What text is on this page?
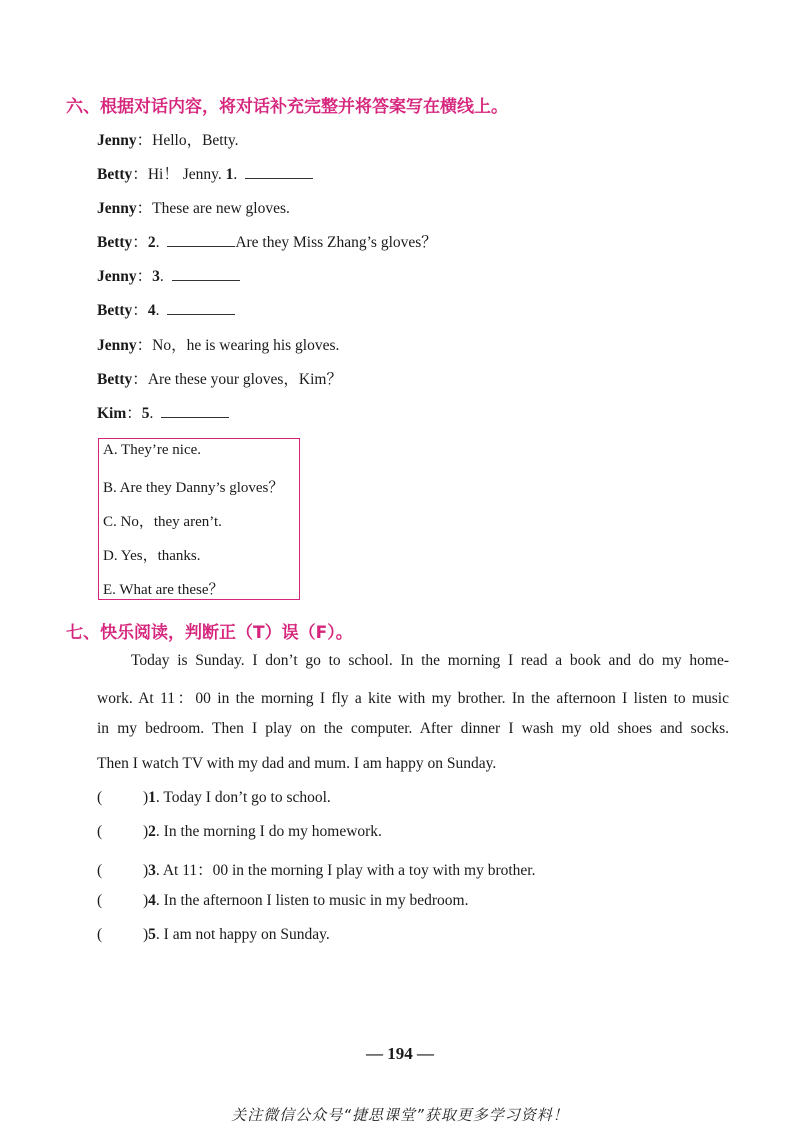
六、根据对话内容，将对话补充完整并将答案写在横线上。
Jenny：Hello，Betty.
Betty：Hi！ Jenny. 1.
Jenny：These are new gloves.
Betty：2.	Are they Miss Zhang’s gloves？
Jenny：3.
Betty：4.
Jenny：No，he is wearing his gloves.
Betty：Are these your gloves，Kim？
Kim：5.
A. They’re nice.
B. Are they Danny’s gloves？
C. No，they aren’t.
D. Yes，thanks.
E. What are these？
七、快乐阅读，判断正（T）误（F）。
Today is Sunday. I don’t go to school. In the morning I read a book and do my home-
work. At 11：00 in the morning I fly a kite with my brother. In the afternoon I listen to music
in my bedroom. Then I play on the computer. After dinner I wash my old shoes and socks.
Then I watch TV with my dad and mum. I am happy on Sunday.
(	)1. Today I don’t go to school.
(	)2. In the morning I do my homework.
(	)3. At 11：00 in the morning I play with a toy with my brother.
(	)4. In the afternoon I listen to music in my bedroom.
(	)5. I am not happy on Sunday.
— 194 —
关注微信公众号“捷思课堂”获取更多学习资料！
